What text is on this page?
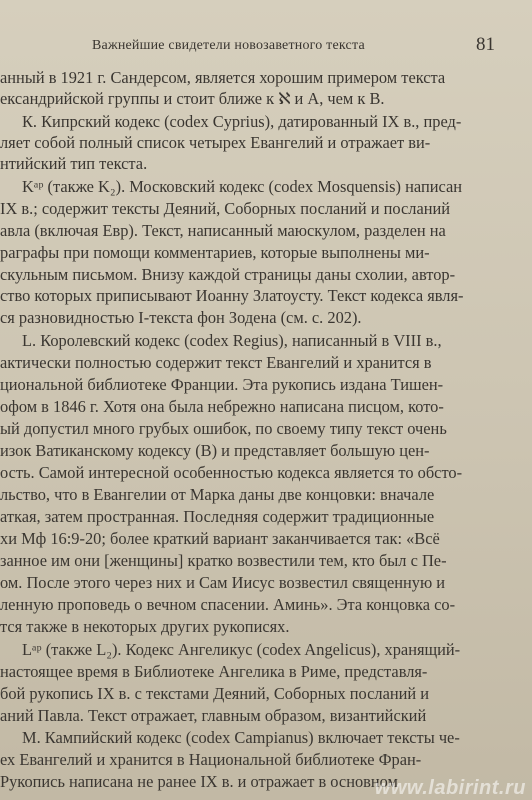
Важнейшие свидетели новозаветного текста	81
анный в 1921 г. Сандерсом, является хорошим примером текста
ександрийской группы и стоит ближе к ℵ и А, чем к В.
К. Кипрский кодекс (codex Cyprius), датированный IX в., пред-
ляет собой полный список четырех Евангелий и отражает ви-
нтийский тип текста.
Kᵃᵖ (также K₂). Московский кодекс (codex Mosquensis) написан
IX в.; содержит тексты Деяний, Соборных посланий и посланий
авла (включая Евр). Текст, написанный маюскулом, разделен на
раграфы при помощи комментариев, которые выполнены ми-
скульным письмом. Внизу каждой страницы даны схолии, автор-
ство которых приписывают Иоанну Златоусту. Текст кодекса явля-
ся разновидностью I-текста фон Зодена (см. с. 202).
L. Королевский кодекс (codex Regius), написанный в VIII в.,
актически полностью содержит текст Евангелий и хранится в
циональной библиотеке Франции. Эта рукопись издана Тишен-
офом в 1846 г. Хотя она была небрежно написана писцом, кото-
ый допустил много грубых ошибок, по своему типу текст очень
изок Ватиканскому кодексу (В) и представляет большую цен-
ость. Самой интересной особенностью кодекса является то обсто-
льство, что в Евангелии от Марка даны две концовки: вначале
аткая, затем пространная. Последняя содержит традиционные
хи Мф 16:9-20; более краткий вариант заканчивается так: «Всё
занное им они [женщины] кратко возвестили тем, кто был с Пе-
ом. После этого через них и Сам Иисус возвестил священную и
ленную проповедь о вечном спасении. Аминь». Эта концовка со-
тся также в некоторых других рукописях.
Lᵃᵖ (также L₂). Кодекс Ангеликус (codex Angelicus), хранящий-
настоящее время в Библиотеке Ангелика в Риме, представля-
бой рукопись IX в. с текстами Деяний, Соборных посланий и
аний Павла. Текст отражает, главным образом, византийский
M. Кампийский кодекс (codex Campianus) включает тексты че-
ех Евангелий и хранится в Национальной библиотеке Фран-
Рукопись написана не ранее IX в. и отражает в основном
www.labirint.ru
